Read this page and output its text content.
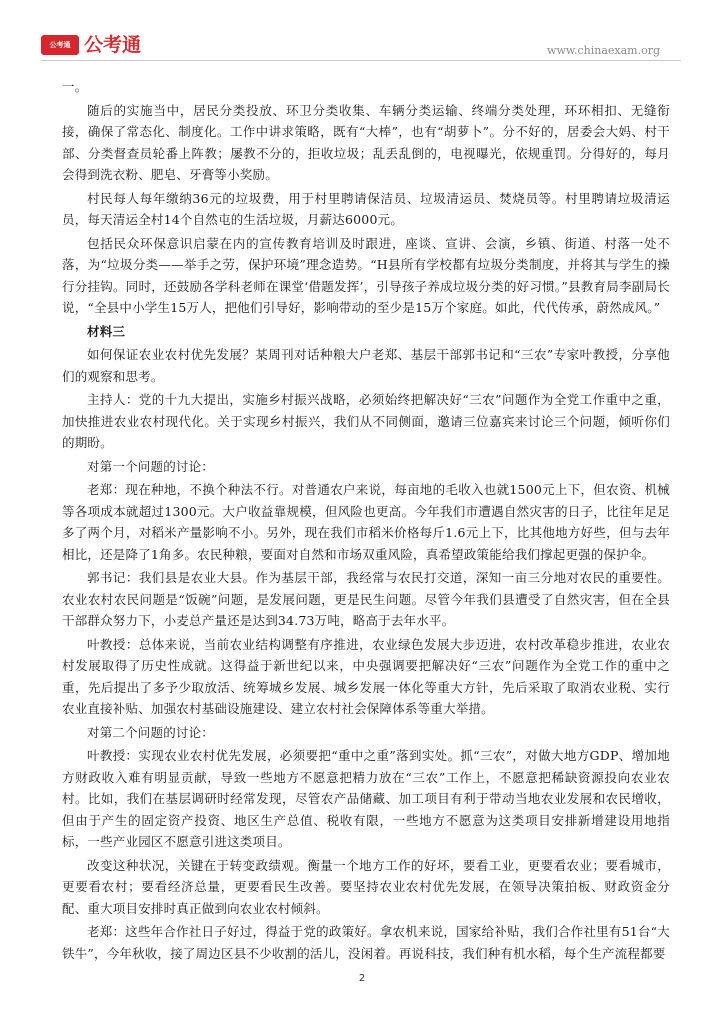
公考通 公考通	www.chinaexam.org

一。

随后的实施当中，居民分类投放、环卫分类收集、车辆分类运输、终端分类处理，环环相扣、无缝衔接，确保了常态化、制度化。工作中讲求策略，既有“大棒”，也有“胡萝卜”。分不好的，居委会大妈、村干部、分类督查员轮番上阵教；屡教不分的，拒收垃圾；乱丢乱倒的，电视曝光，依规重罚。分得好的，每月会得到洗衣粉、肥皂、牙膏等小奖励。

村民每人每年缴纳36元的垃圾费，用于村里聘请保洁员、垃圾清运员、焚烧员等。村里聘请垃圾清运员，每天清运全村14个自然屯的生活垃圾，月薪达6000元。

包括民众环保意识启蒙在内的宣传教育培训及时跟进，座谈、宣讲、会演，乡镇、街道、村落一处不落，为“垃圾分类——举手之劳，保护环境”理念造势。“H县所有学校都有垃圾分类制度，并将其与学生的操行分挂钩。同时，还鼓励各学科老师在课堂‘借题发挥’，引导孩子养成垃圾分类的好习惯。”县教育局李副局长说，“全县中小学生15万人，把他们引导好，影响带动的至少是15万个家庭。如此，代代传承，蔚然成风。”

材料三

如何保证农业农村优先发展？某周刊对话种粮大户老郑、基层干部郭书记和“三农”专家叶教授，分享他们的观察和思考。

主持人：党的十九大提出，实施乡村振兴战略，必须始终把解决好“三农”问题作为全党工作重中之重，加快推进农业农村现代化。关于实现乡村振兴，我们从不同侧面，邀请三位嘉宾来讨论三个问题，倾听你们的期盼。

对第一个问题的讨论：

老郑：现在种地，不换个种法不行。对普通农户来说，每亩地的毛收入也就1500元上下，但农资、机械等各项成本就超过1300元。大户收益靠规模，但风险也更高。今年我们市遭遇自然灾害的日子，比往年足足多了两个月，对稻米产量影响不小。另外，现在我们市稻米价格每斤1.6元上下，比其他地方好些，但与去年相比，还是降了1角多。农民种粮，要面对自然和市场双重风险，真希望政策能给我们撑起更强的保护伞。

郭书记：我们县是农业大县。作为基层干部，我经常与农民打交道，深知一亩三分地对农民的重要性。农业农村农民问题是“饭碗”问题，是发展问题，更是民生问题。尽管今年我们县遭受了自然灾害，但在全县干部群众努力下，小麦总产量还是达到34.73万吨，略高于去年水平。

叶教授：总体来说，当前农业结构调整有序推进，农业绿色发展大步迈进，农村改革稳步推进，农业农村发展取得了历史性成就。这得益于新世纪以来，中央强调要把解决好“三农”问题作为全党工作的重中之重，先后提出了多予少取放活、统筹城乡发展、城乡发展一体化等重大方针，先后采取了取消农业税、实行农业直接补贴、加强农村基础设施建设、建立农村社会保障体系等重大举措。

对第二个问题的讨论：

叶教授：实现农业农村优先发展，必须要把“重中之重”落到实处。抓“三农”，对做大地方GDP、增加地方财政收入难有明显贡献，导致一些地方不愿意把精力放在“三农”工作上，不愿意把稀缺资源投向农业农村。比如，我们在基层调研时经常发现，尽管农产品储藏、加工项目有利于带动当地农业发展和农民增收，但由于产生的固定资产投资、地区生产总值、税收有限，一些地方不愿意为这类项目安排新增建设用地指标，一些产业园区不愿意引进这类项目。

改变这种状况，关键在于转变政绩观。衡量一个地方工作的好坏，要看工业，更要看农业；要看城市，更要看农村；要看经济总量，更要看民生改善。要坚持农业农村优先发展，在领导决策拍板、财政资金分配、重大项目安排时真正做到向农业农村倾斜。

老郑：这些年合作社日子好过，得益于党的政策好。拿农机来说，国家给补贴，我们合作社里有51台“大铁牛”，今年秋收，接了周边区县不少收割的活儿，没闲着。再说科技，我们种有机水稻，每个生产流程都要

2
